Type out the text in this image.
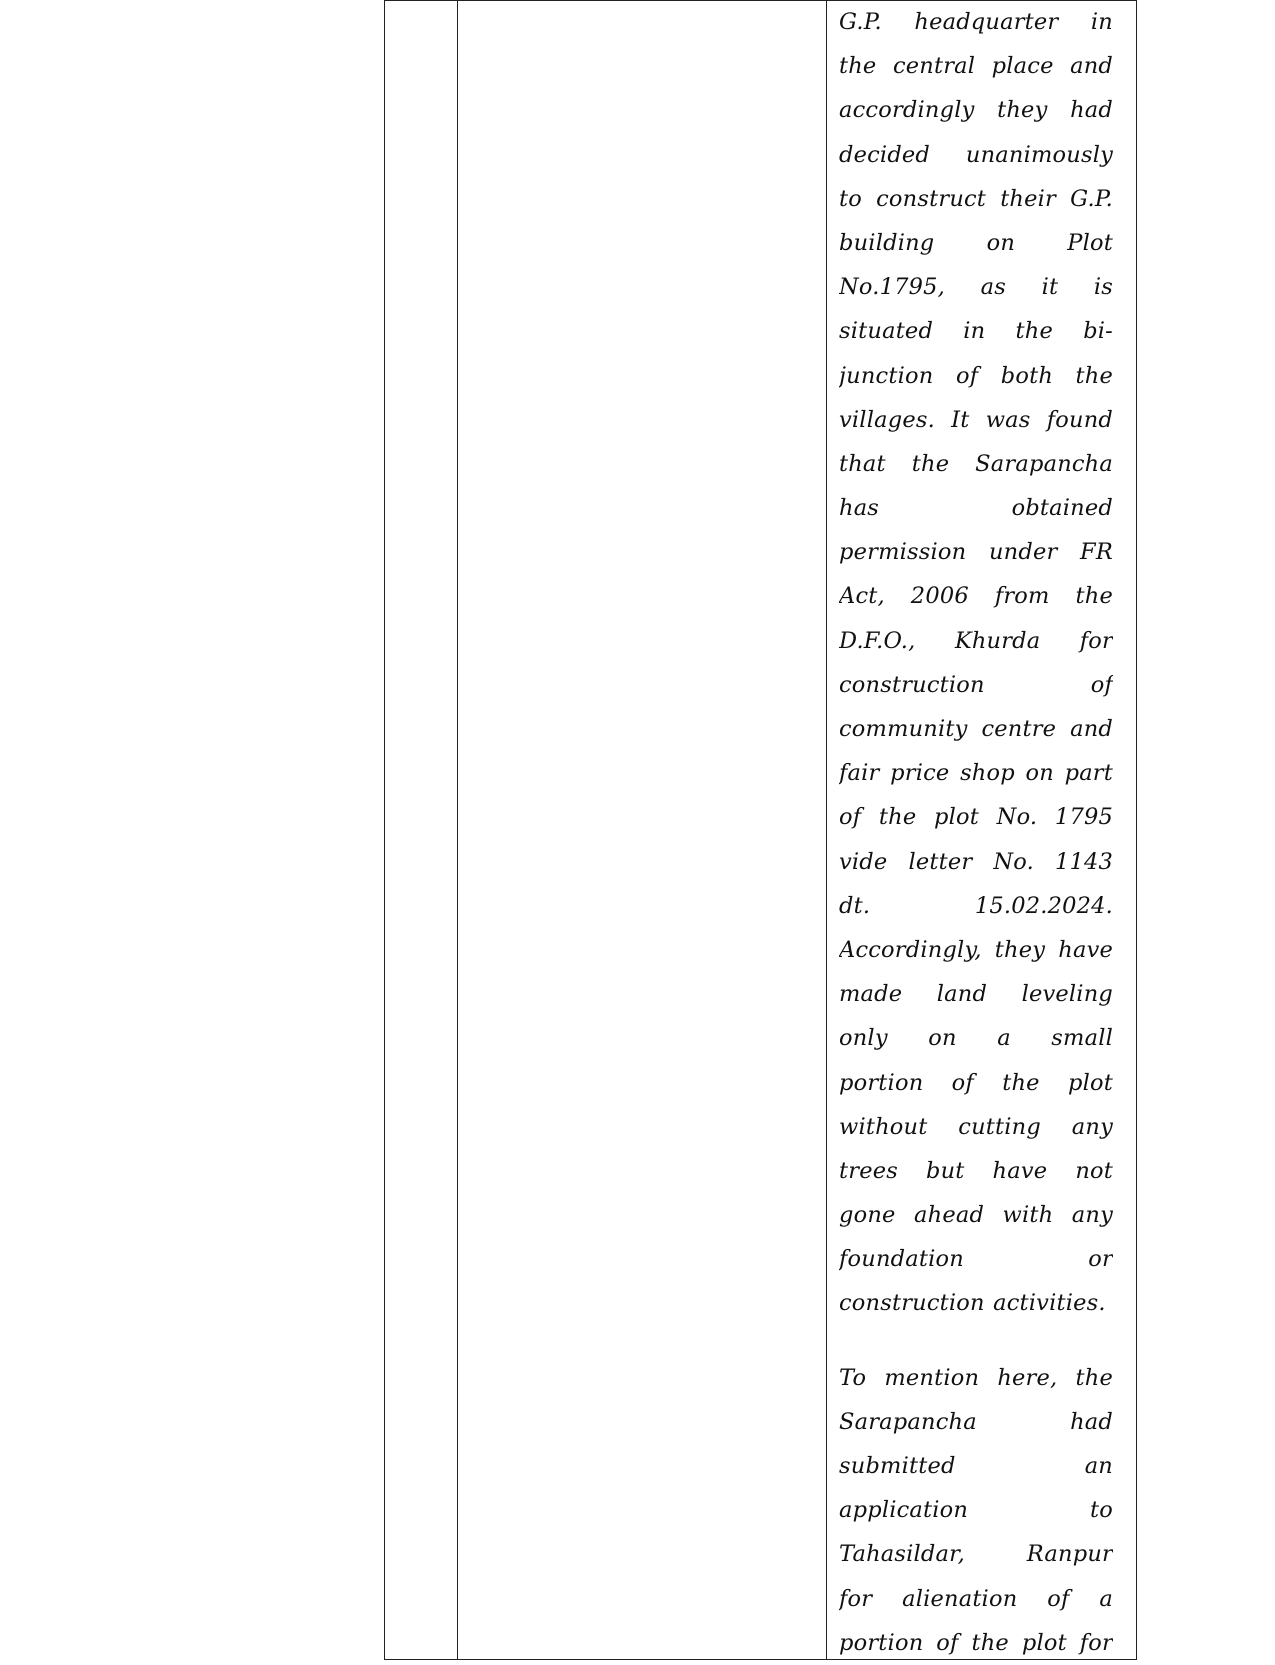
G.P. headquarter in
the central place and
accordingly they had
decided unanimously
to construct their G.P.
building on Plot
No.1795, as it is
situated in the bi-
junction of both the
villages. It was found
that the Sarapancha
has obtained
permission under FR
Act, 2006 from the
D.F.O., Khurda for
construction of
community centre and
fair price shop on part
of the plot No. 1795
vide letter No. 1143
dt. 15.02.2024.
Accordingly, they have
made land leveling
only on a small
portion of the plot
without cutting any
trees but have not
gone ahead with any
foundation or
construction activities.
To mention here, the
Sarapancha had
submitted an
application to
Tahasildar, Ranpur
for alienation of a
portion of the plot for
